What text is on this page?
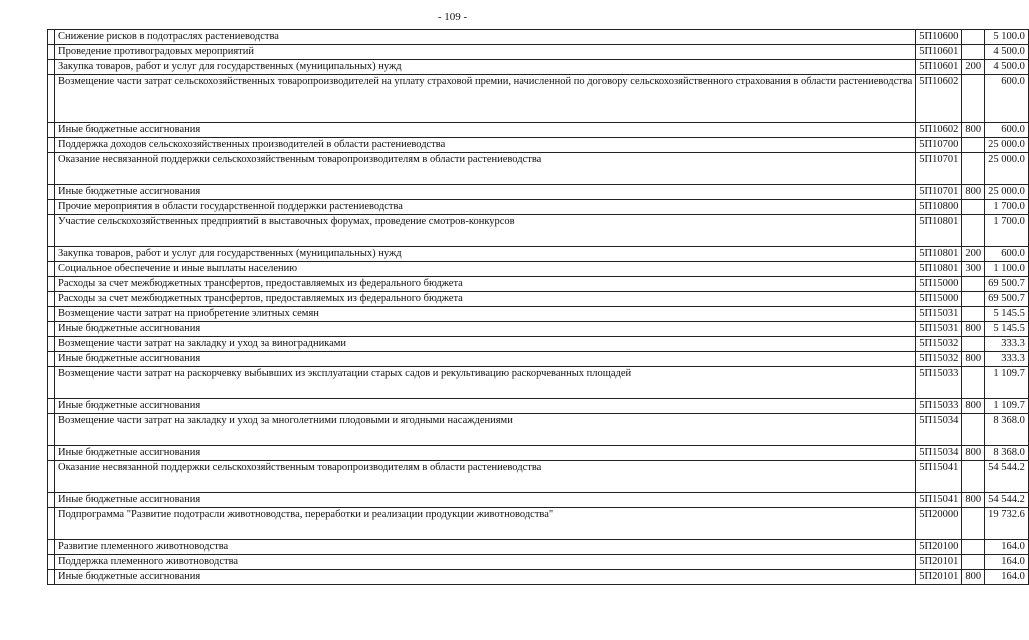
- 109 -
	Снижение рисков в подотраслях растениеводства	5П10600		5 100.0
	Проведение противоградовых мероприятий	5П10601		4 500.0
	Закупка товаров, работ и услуг для государственных (муниципальных) нужд	5П10601	200	4 500.0
	Возмещение части затрат сельскохозяйственных товаропроизводителей на уплату страховой премии, начисленной по договору сельскохозяйственного страхования в области растениеводства	5П10602		600.0
	Иные бюджетные ассигнования	5П10602	800	600.0
	Поддержка доходов сельскохозяйственных производителей в области растениеводства	5П10700		25 000.0
	Оказание несвязанной поддержки сельскохозяйственным товаропроизводителям в области растениеводства	5П10701		25 000.0
	Иные бюджетные ассигнования	5П10701	800	25 000.0
	Прочие мероприятия в области государственной поддержки растениеводства	5П10800		1 700.0
	Участие сельскохозяйственных предприятий в выставочных форумах, проведение смотров-конкурсов	5П10801		1 700.0
	Закупка товаров, работ и услуг для государственных (муниципальных) нужд	5П10801	200	600.0
	Социальное обеспечение и иные выплаты населению	5П10801	300	1 100.0
	Расходы за счет межбюджетных трансфертов, предоставляемых из федерального бюджета	5П15000		69 500.7
	Расходы за счет межбюджетных трансфертов, предоставляемых из федерального бюджета	5П15000		69 500.7
	Возмещение части затрат на приобретение элитных семян	5П15031		5 145.5
	Иные бюджетные ассигнования	5П15031	800	5 145.5
	Возмещение части затрат на закладку и уход за виноградниками	5П15032		333.3
	Иные бюджетные ассигнования	5П15032	800	333.3
	Возмещение части затрат на раскорчевку выбывших из эксплуатации старых садов и рекультивацию раскорчеванных площадей	5П15033		1 109.7
	Иные бюджетные ассигнования	5П15033	800	1 109.7
	Возмещение части затрат на закладку и уход за многолетними плодовыми и ягодными насаждениями	5П15034		8 368.0
	Иные бюджетные ассигнования	5П15034	800	8 368.0
	Оказание несвязанной поддержки сельскохозяйственным товаропроизводителям в области растениеводства	5П15041		54 544.2
	Иные бюджетные ассигнования	5П15041	800	54 544.2
	Подпрограмма "Развитие подотрасли животноводства, переработки и реализации продукции животноводства"	5П20000		19 732.6
	Развитие племенного животноводства	5П20100		164.0
	Поддержка племенного животноводства	5П20101		164.0
	Иные бюджетные ассигнования	5П20101	800	164.0
